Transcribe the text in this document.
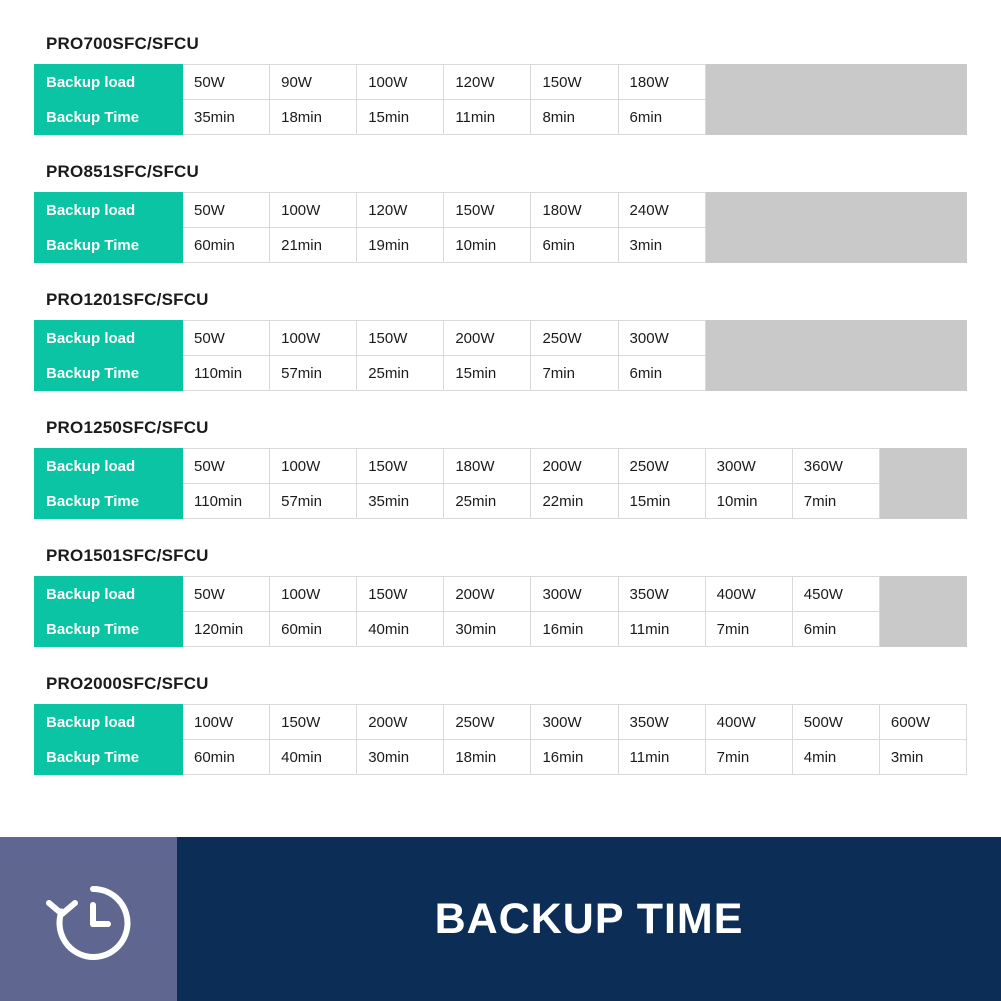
PRO700SFC/SFCU
Backup load	50W	90W	100W	120W	150W	180W			
Backup Time	35min	18min	15min	11min	8min	6min			
PRO851SFC/SFCU
Backup load	50W	100W	120W	150W	180W	240W			
Backup Time	60min	21min	19min	10min	6min	3min			
PRO1201SFC/SFCU
Backup load	50W	100W	150W	200W	250W	300W			
Backup Time	110min	57min	25min	15min	7min	6min			
PRO1250SFC/SFCU
Backup load	50W	100W	150W	180W	200W	250W	300W	360W	
Backup Time	110min	57min	35min	25min	22min	15min	10min	7min	
PRO1501SFC/SFCU
Backup load	50W	100W	150W	200W	300W	350W	400W	450W	
Backup Time	120min	60min	40min	30min	16min	11min	7min	6min	
PRO2000SFC/SFCU
Backup load	100W	150W	200W	250W	300W	350W	400W	500W	600W
Backup Time	60min	40min	30min	18min	16min	11min	7min	4min	3min
BACKUP TIME
